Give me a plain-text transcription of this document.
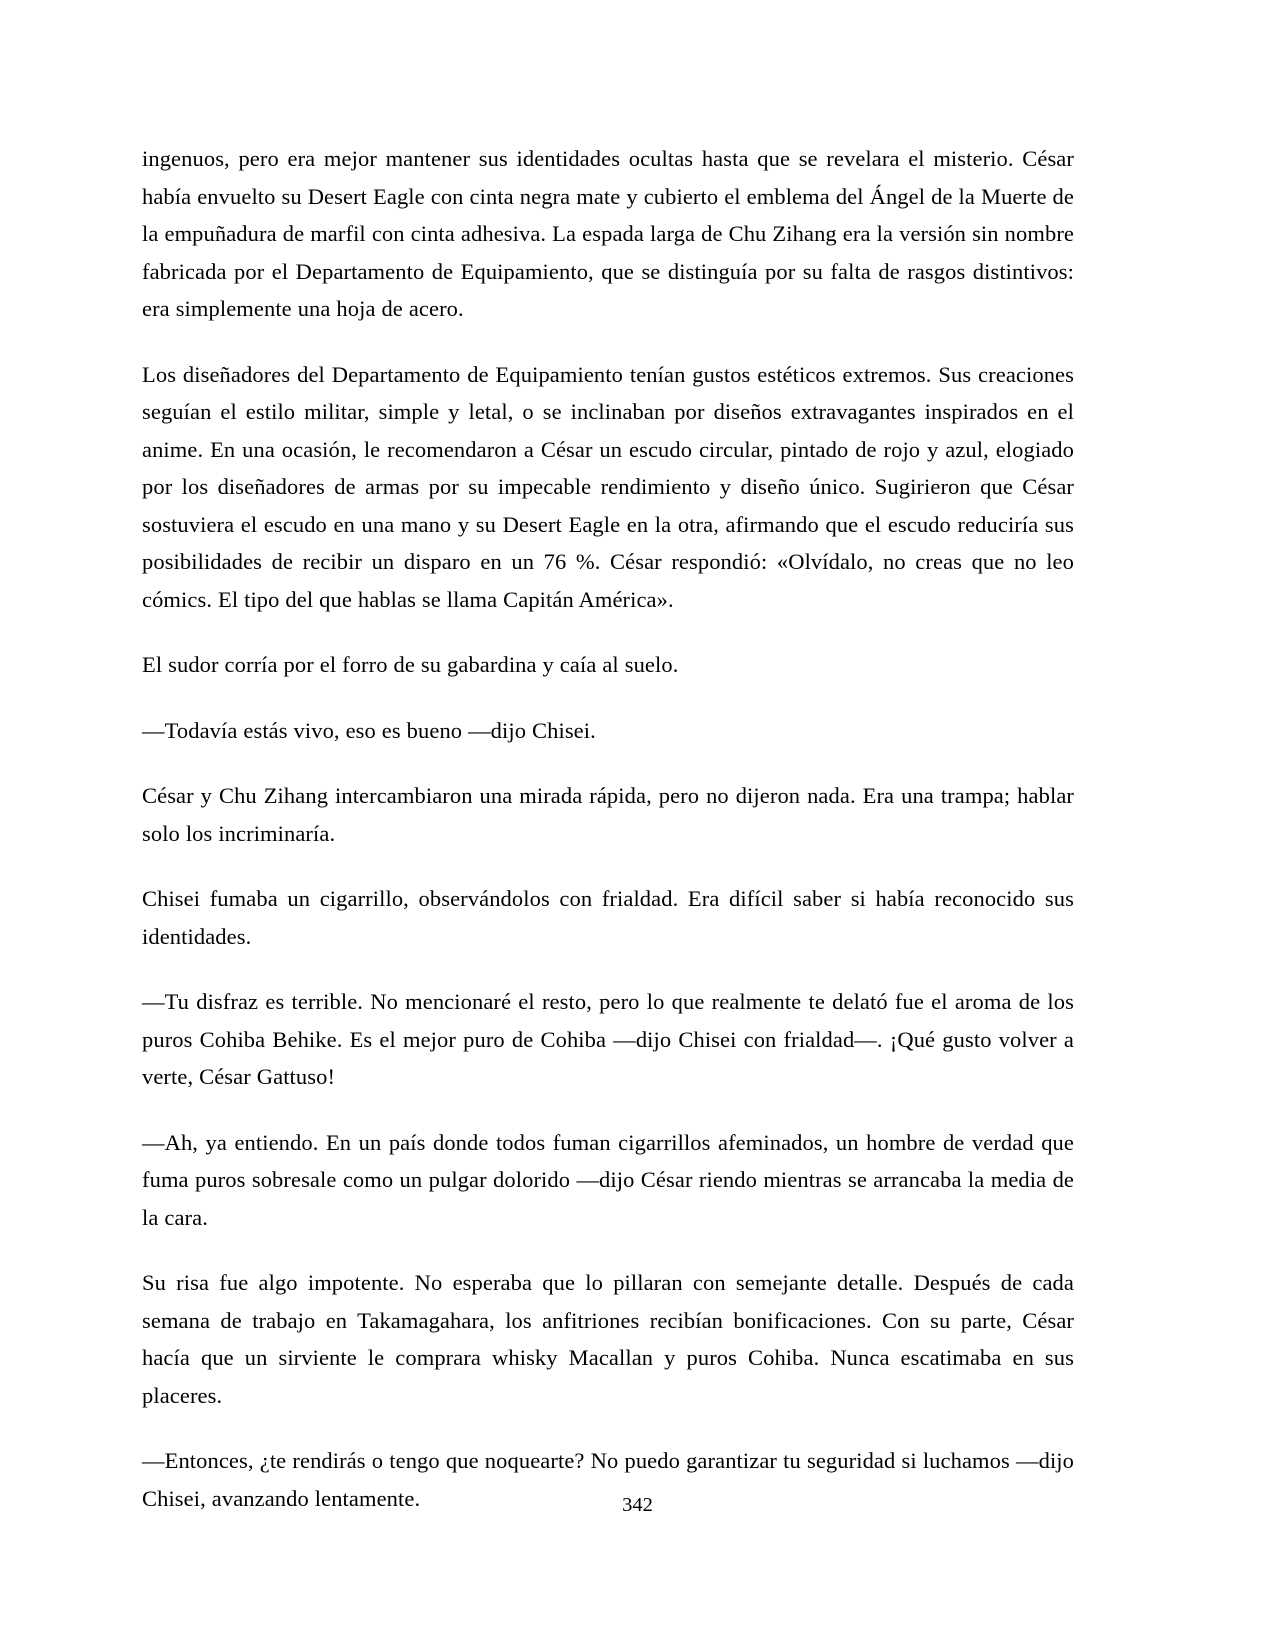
ingenuos, pero era mejor mantener sus identidades ocultas hasta que se revelara el misterio. César había envuelto su Desert Eagle con cinta negra mate y cubierto el emblema del Ángel de la Muerte de la empuñadura de marfil con cinta adhesiva. La espada larga de Chu Zihang era la versión sin nombre fabricada por el Departamento de Equipamiento, que se distinguía por su falta de rasgos distintivos: era simplemente una hoja de acero.

Los diseñadores del Departamento de Equipamiento tenían gustos estéticos extremos. Sus creaciones seguían el estilo militar, simple y letal, o se inclinaban por diseños extravagantes inspirados en el anime. En una ocasión, le recomendaron a César un escudo circular, pintado de rojo y azul, elogiado por los diseñadores de armas por su impecable rendimiento y diseño único. Sugirieron que César sostuviera el escudo en una mano y su Desert Eagle en la otra, afirmando que el escudo reduciría sus posibilidades de recibir un disparo en un 76 %. César respondió: «Olvídalo, no creas que no leo cómics. El tipo del que hablas se llama Capitán América».

El sudor corría por el forro de su gabardina y caía al suelo.

—Todavía estás vivo, eso es bueno —dijo Chisei.

César y Chu Zihang intercambiaron una mirada rápida, pero no dijeron nada. Era una trampa; hablar solo los incriminaría.

Chisei fumaba un cigarrillo, observándolos con frialdad. Era difícil saber si había reconocido sus identidades.

—Tu disfraz es terrible. No mencionaré el resto, pero lo que realmente te delató fue el aroma de los puros Cohiba Behike. Es el mejor puro de Cohiba —dijo Chisei con frialdad—. ¡Qué gusto volver a verte, César Gattuso!

—Ah, ya entiendo. En un país donde todos fuman cigarrillos afeminados, un hombre de verdad que fuma puros sobresale como un pulgar dolorido —dijo César riendo mientras se arrancaba la media de la cara.

Su risa fue algo impotente. No esperaba que lo pillaran con semejante detalle. Después de cada semana de trabajo en Takamagahara, los anfitriones recibían bonificaciones. Con su parte, César hacía que un sirviente le comprara whisky Macallan y puros Cohiba. Nunca escatimaba en sus placeres.

—Entonces, ¿te rendirás o tengo que noquearte? No puedo garantizar tu seguridad si luchamos —dijo Chisei, avanzando lentamente.	342
